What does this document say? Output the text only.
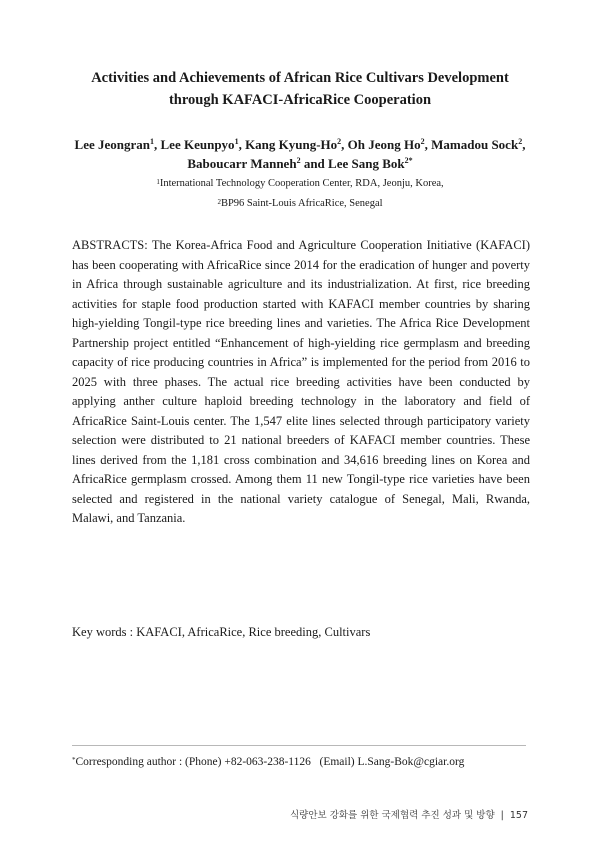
Activities and Achievements of African Rice Cultivars Development
through KAFACI-AfricaRice Cooperation
Lee Jeongran$^1$, Lee Keunpyo$^1$, Kang Kyung-Ho$^2$, Oh Jeong Ho$^2$, Mamadou Sock$^2$,
Baboucarr Manneh$^2$ and Lee Sang Bok$^{2*}$
$^1$International Technology Cooperation Center, RDA, Jeonju, Korea,
$^2$BP96 Saint-Louis AfricaRice, Senegal

ABSTRACTS: The Korea-Africa Food and Agriculture Cooperation Initiative (KAFACI) has been cooperating with AfricaRice since 2014 for the eradication of hunger and poverty in Africa through sustainable agriculture and its industrialization. At first, rice breeding activities for staple food production started with KAFACI member countries by sharing high-yielding Tongil-type rice breeding lines and varieties. The Africa Rice Development Partnership project entitled “Enhancement of high-yielding rice germplasm and breeding capacity of rice producing countries in Africa” is implemented for the period from 2016 to 2025 with three phases. The actual rice breeding activities have been conducted by applying anther culture haploid breeding technology in the laboratory and field of AfricaRice Saint-Louis center. The 1,547 elite lines selected through participatory variety selection were distributed to 21 national breeders of KAFACI member countries. These lines derived from the 1,181 cross combination and 34,616 breeding lines on Korea and AfricaRice germplasm crossed. Among them 11 new Tongil-type rice varieties have been selected and registered in the national variety catalogue of Senegal, Mali, Rwanda, Malawi, and Tanzania.

Key words : KAFACI, AfricaRice, Rice breeding, Cultivars
*Corresponding author : (Phone) +82-063-238-1126   (Email) L.Sang-Bok@cgiar.org
식량안보 강화를 위한 국제협력 추진 성과 및 방향 | 157
